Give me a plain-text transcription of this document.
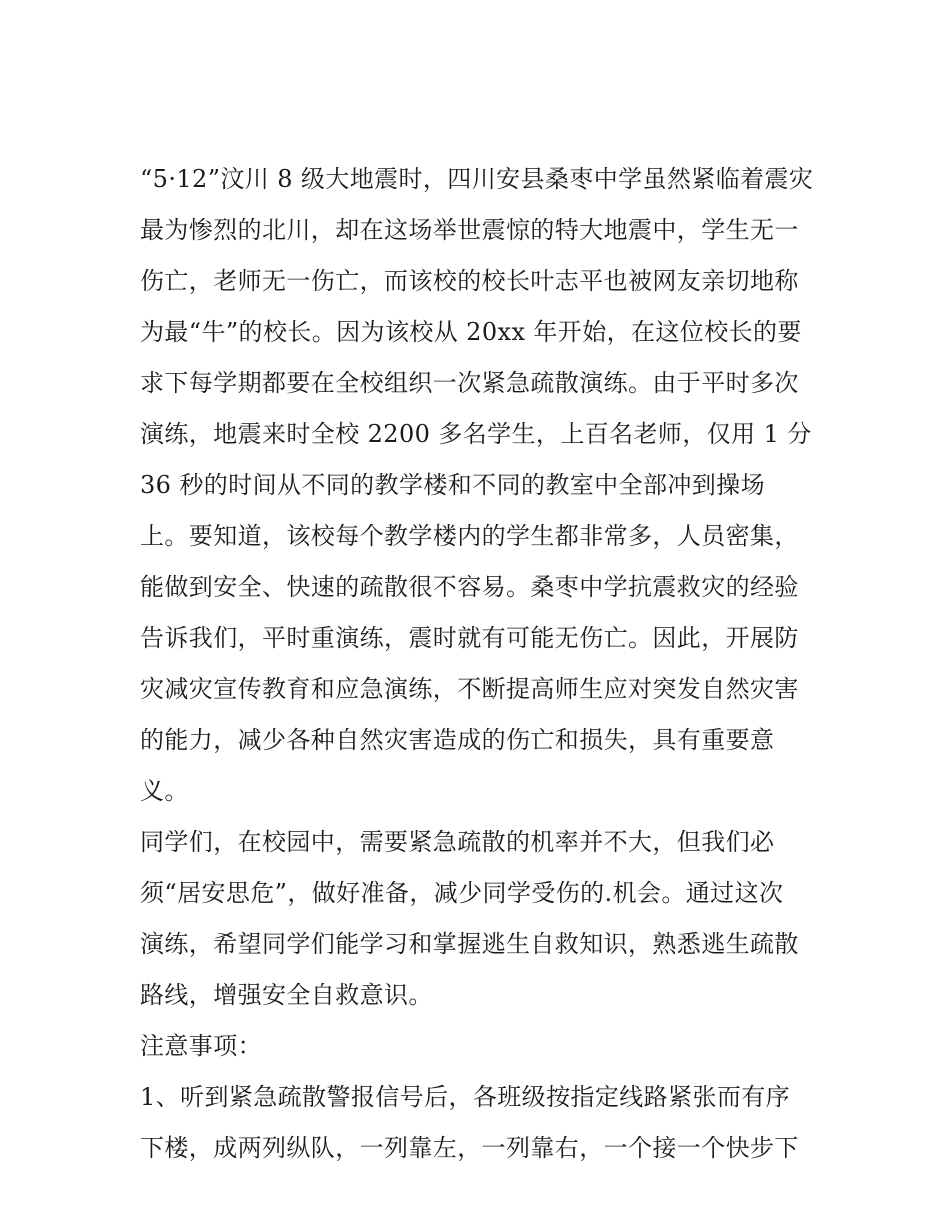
“5·12”汶川 8 级大地震时，四川安县桑枣中学虽然紧临着震灾
最为惨烈的北川，却在这场举世震惊的特大地震中，学生无一
伤亡，老师无一伤亡，而该校的校长叶志平也被网友亲切地称
为最“牛”的校长。因为该校从 20xx 年开始，在这位校长的要
求下每学期都要在全校组织一次紧急疏散演练。由于平时多次
演练，地震来时全校 2200 多名学生，上百名老师，仅用 1 分
36 秒的时间从不同的教学楼和不同的教室中全部冲到操场
上。要知道，该校每个教学楼内的学生都非常多，人员密集，
能做到安全、快速的疏散很不容易。桑枣中学抗震救灾的经验
告诉我们，平时重演练，震时就有可能无伤亡。因此，开展防
灾减灾宣传教育和应急演练，不断提高师生应对突发自然灾害
的能力，减少各种自然灾害造成的伤亡和损失，具有重要意
义。
同学们，在校园中，需要紧急疏散的机率并不大，但我们必
须“居安思危”，做好准备，减少同学受伤的.机会。通过这次
演练，希望同学们能学习和掌握逃生自救知识，熟悉逃生疏散
路线，增强安全自救意识。
注意事项：
1、听到紧急疏散警报信号后，各班级按指定线路紧张而有序
下楼，成两列纵队，一列靠左，一列靠右，一个接一个快步下
